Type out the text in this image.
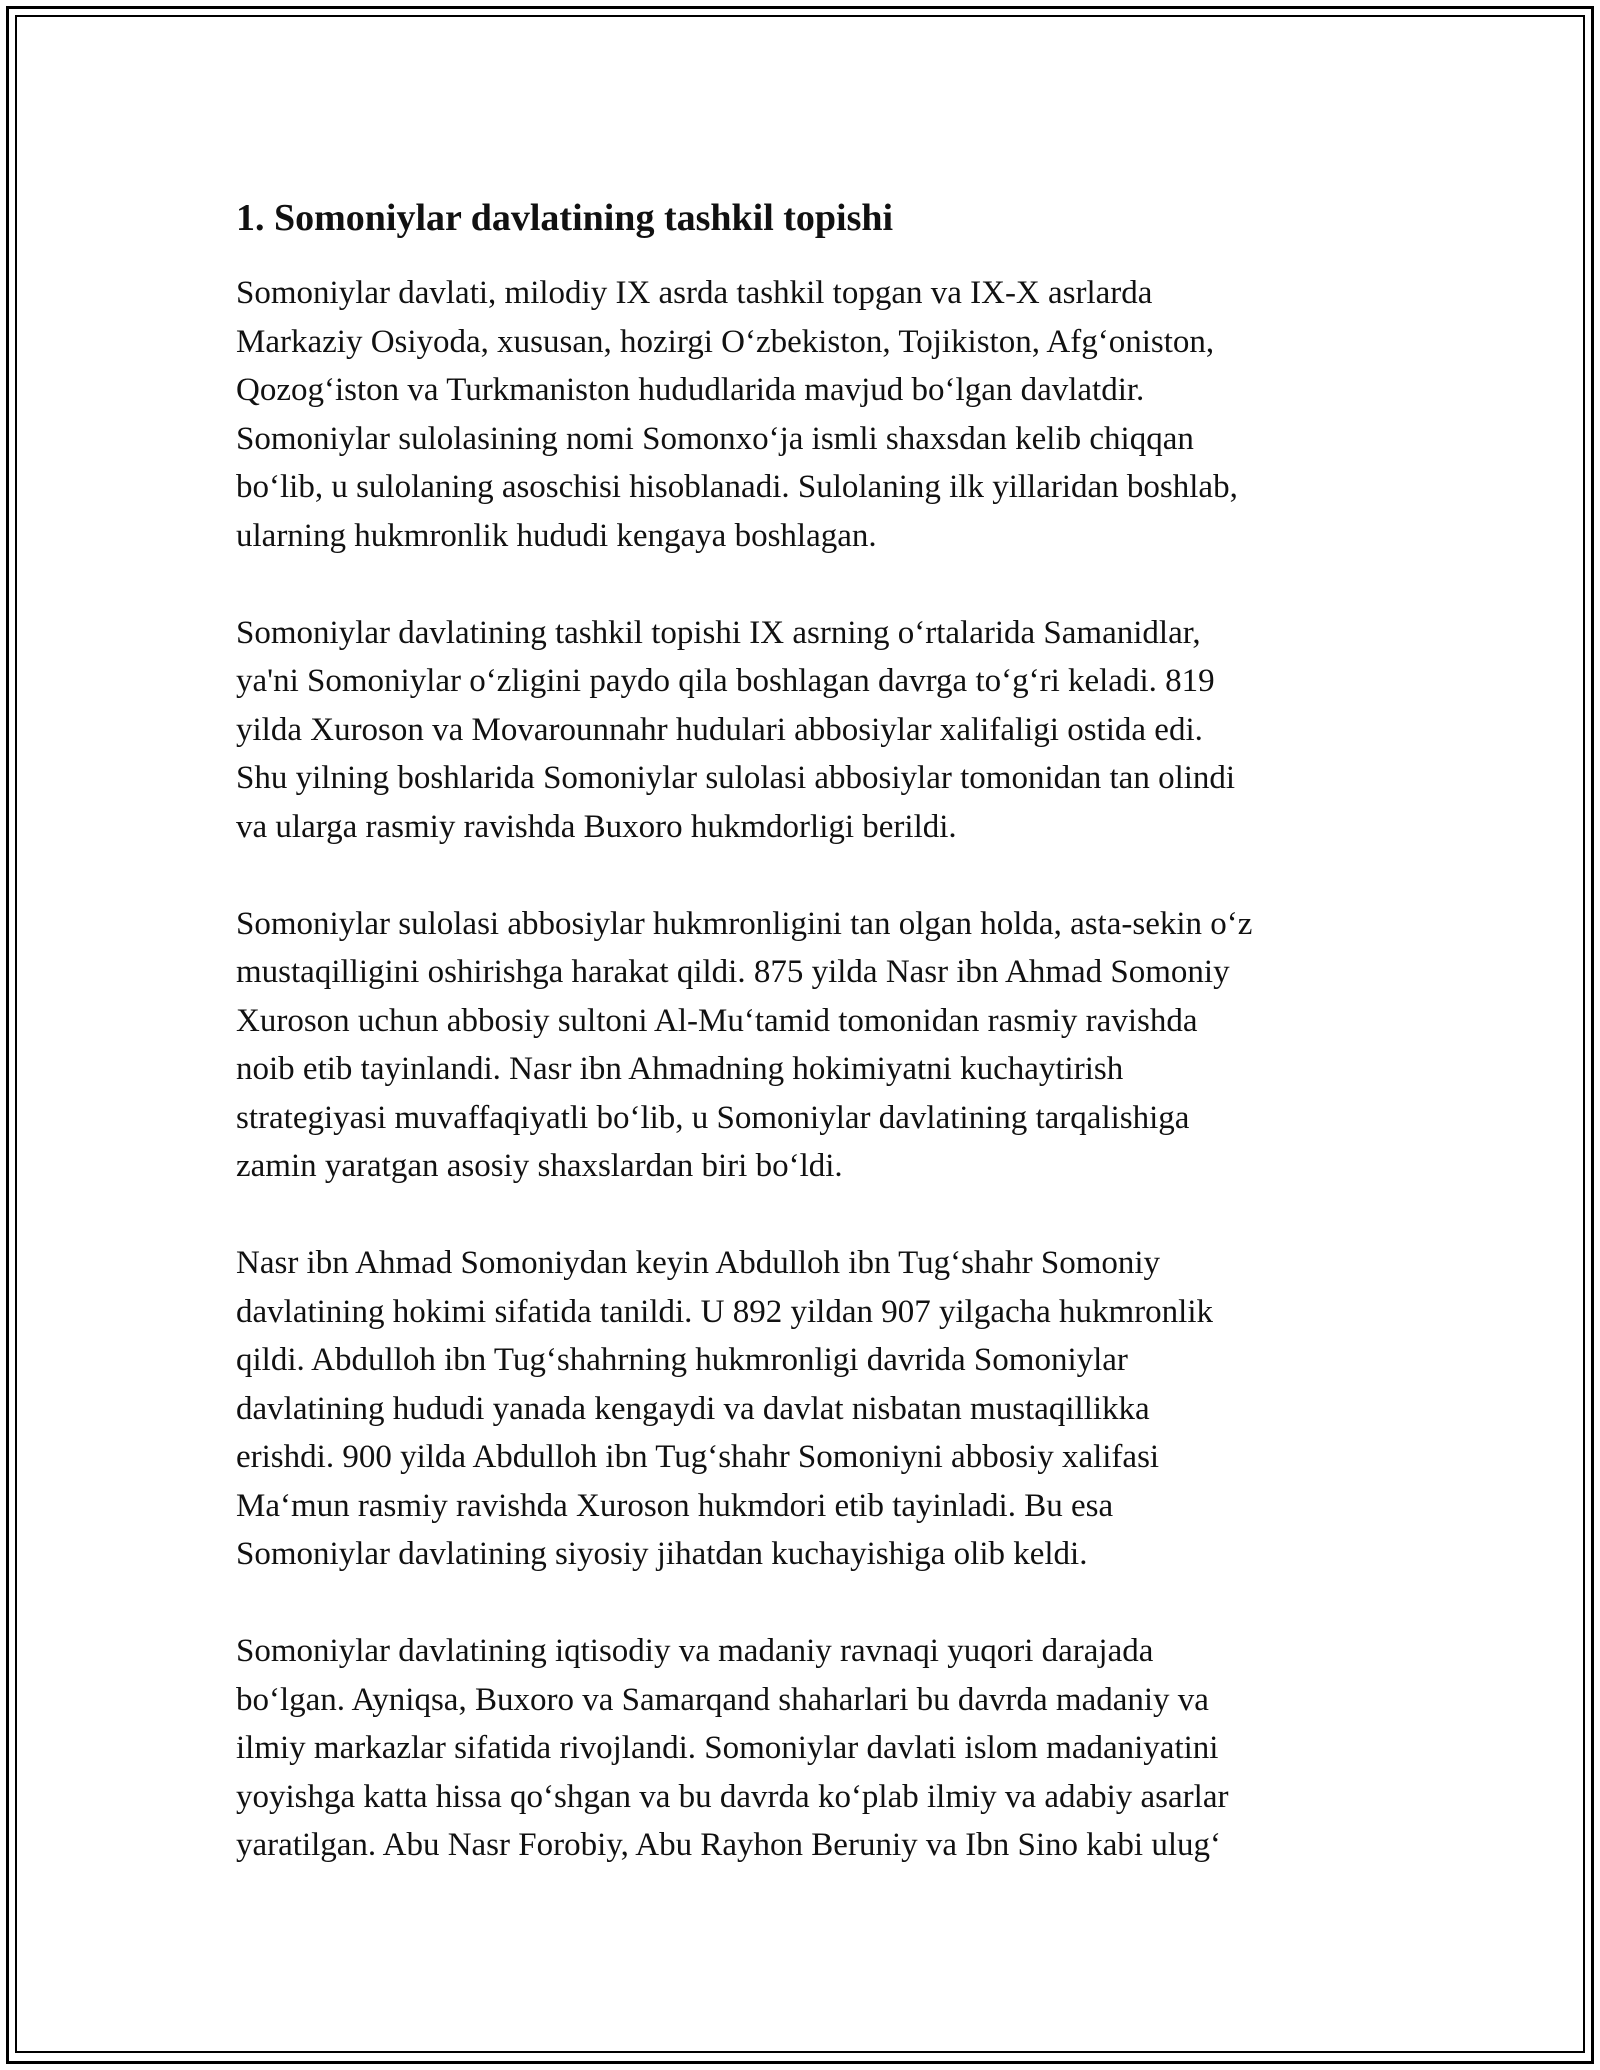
1. Somoniylar davlatining tashkil topishi

Somoniylar davlati, milodiy IX asrda tashkil topgan va IX-X asrlarda
Markaziy Osiyoda, xususan, hozirgi O‘zbekiston, Tojikiston, Afg‘oniston,
Qozog‘iston va Turkmaniston hududlarida mavjud bo‘lgan davlatdir.
Somoniylar sulolasining nomi Somonxo‘ja ismli shaxsdan kelib chiqqan
bo‘lib, u sulolaning asoschisi hisoblanadi. Sulolaning ilk yillaridan boshlab,
ularning hukmronlik hududi kengaya boshlagan.

Somoniylar davlatining tashkil topishi IX asrning o‘rtalarida Samanidlar,
ya'ni Somoniylar o‘zligini paydo qila boshlagan davrga to‘g‘ri keladi. 819
yilda Xuroson va Movarounnahr hudulari abbosiylar xalifaligi ostida edi.
Shu yilning boshlarida Somoniylar sulolasi abbosiylar tomonidan tan olindi
va ularga rasmiy ravishda Buxoro hukmdorligi berildi.

Somoniylar sulolasi abbosiylar hukmronligini tan olgan holda, asta-sekin o‘z
mustaqilligini oshirishga harakat qildi. 875 yilda Nasr ibn Ahmad Somoniy
Xuroson uchun abbosiy sultoni Al-Mu‘tamid tomonidan rasmiy ravishda
noib etib tayinlandi. Nasr ibn Ahmadning hokimiyatni kuchaytirish
strategiyasi muvaffaqiyatli bo‘lib, u Somoniylar davlatining tarqalishiga
zamin yaratgan asosiy shaxslardan biri bo‘ldi.

Nasr ibn Ahmad Somoniydan keyin Abdulloh ibn Tug‘shahr Somoniy
davlatining hokimi sifatida tanildi. U 892 yildan 907 yilgacha hukmronlik
qildi. Abdulloh ibn Tug‘shahrning hukmronligi davrida Somoniylar
davlatining hududi yanada kengaydi va davlat nisbatan mustaqillikka
erishdi. 900 yilda Abdulloh ibn Tug‘shahr Somoniyni abbosiy xalifasi
Ma‘mun rasmiy ravishda Xuroson hukmdori etib tayinladi. Bu esa
Somoniylar davlatining siyosiy jihatdan kuchayishiga olib keldi.

Somoniylar davlatining iqtisodiy va madaniy ravnaqi yuqori darajada
bo‘lgan. Ayniqsa, Buxoro va Samarqand shaharlari bu davrda madaniy va
ilmiy markazlar sifatida rivojlandi. Somoniylar davlati islom madaniyatini
yoyishga katta hissa qo‘shgan va bu davrda ko‘plab ilmiy va adabiy asarlar
yaratilgan. Abu Nasr Forobiy, Abu Rayhon Beruniy va Ibn Sino kabi ulug‘
